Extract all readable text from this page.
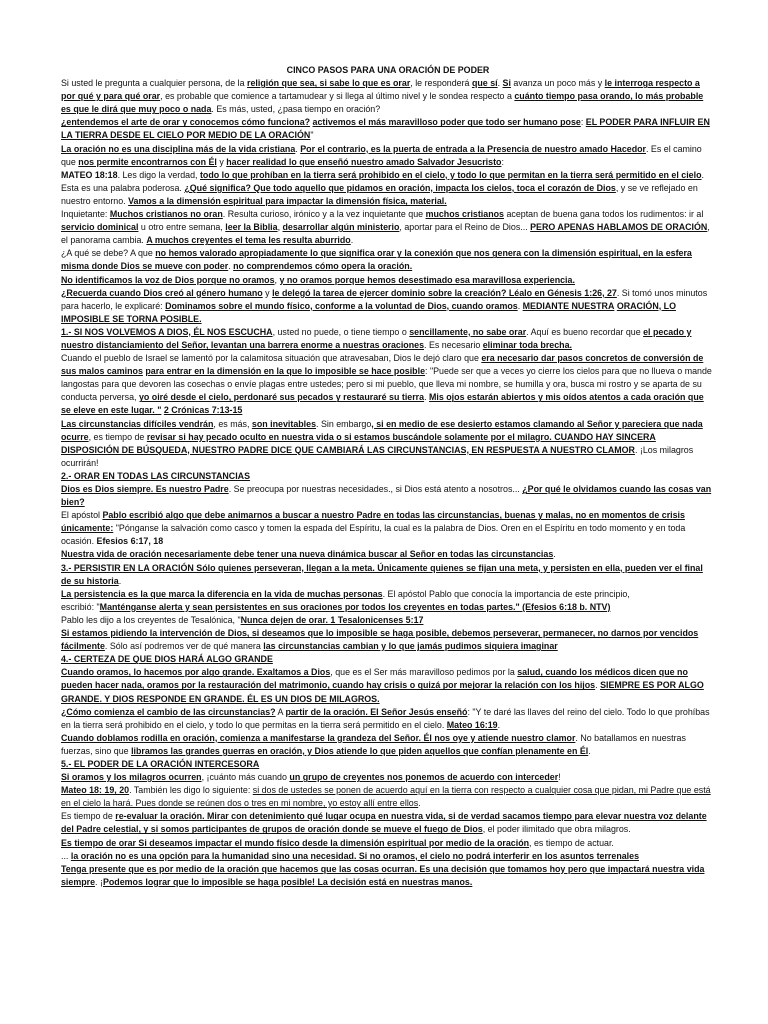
CINCO PASOS PARA UNA ORACIÓN DE PODER

Si usted le pregunta a cualquier persona, de la religión que sea, si sabe lo que es orar, le responderá que sí. Si avanza un poco más y le interroga respecto a por qué y para qué orar, es probable que comience a tartamudear y si llega al último nivel y le sondea respecto a cuánto tiempo pasa orando, lo más probable es que le dirá que muy poco o nada. Es más, usted, ¿pasa tiempo en oración?

¿entendemos el arte de orar y conocemos cómo funciona? activemos el más maravilloso poder que todo ser humano pose: EL PODER PARA INFLUIR EN LA TIERRA DESDE EL CIELO POR MEDIO DE LA ORACIÓN"

La oración no es una disciplina más de la vida cristiana. Por el contrario, es la puerta de entrada a la Presencia de nuestro amado Hacedor. Es el camino que nos permite encontrarnos con Él y hacer realidad lo que enseñó nuestro amado Salvador Jesucristo:

MATEO 18:18. Les digo la verdad, todo lo que prohíban en la tierra será prohibido en el cielo, y todo lo que permitan en la tierra será permitido en el cielo.

Esta es una palabra poderosa. ¿Qué significa? Que todo aquello que pidamos en oración, impacta los cielos, toca el corazón de Dios, y se ve reflejado en nuestro entorno. Vamos a la dimensión espiritual para impactar la dimensión física, material.

Inquietante: Muchos cristianos no oran. Resulta curioso, irónico y a la vez inquietante que muchos cristianos aceptan de buena gana todos los rudimentos: ir al servicio dominical u otro entre semana, leer la Biblia, desarrollar algún ministerio, aportar para el Reino de Dios... PERO APENAS HABLAMOS DE ORACIÓN, el panorama cambia. A muchos creyentes el tema les resulta aburrido.

¿A qué se debe? A que no hemos valorado apropiadamente lo que significa orar y la conexión que nos genera con la dimensión espiritual, en la esfera misma donde Dios se mueve con poder. no comprendemos cómo opera la oración.

No identificamos la voz de Dios porque no oramos, y no oramos porque hemos desestimado esa maravillosa experiencia.

¿Recuerda cuando Dios creó al género humano y le delegó la tarea de ejercer dominio sobre la creación? Léalo en Génesis 1:26, 27. Si tomó unos minutos para hacerlo, le explicaré: Dominamos sobre el mundo físico, conforme a la voluntad de Dios, cuando oramos. MEDIANTE NUESTRA ORACIÓN, LO IMPOSIBLE SE TORNA POSIBLE.

1.- SI NOS VOLVEMOS A DIOS, ÉL NOS ESCUCHA, usted no puede, o tiene tiempo o sencillamente, no sabe orar. Aquí es bueno recordar que el pecado y nuestro distanciamiento del Señor, levantan una barrera enorme a nuestras oraciones. Es necesario eliminar toda brecha.

Cuando el pueblo de Israel se lamentó por la calamitosa situación que atravesaban, Dios le dejó claro que era necesario dar pasos concretos de conversión de sus malos caminos para entrar en la dimensión en la que lo imposible se hace posible: "Puede ser que a veces yo cierre los cielos para que no llueva o mande langostas para que devoren las cosechas o envíe plagas entre ustedes; pero si mi pueblo, que lleva mi nombre, se humilla y ora, busca mi rostro y se aparta de su conducta perversa, yo oiré desde el cielo, perdonaré sus pecados y restauraré su tierra. Mis ojos estarán abiertos y mis oídos atentos a cada oración que se eleve en este lugar. " 2 Crónicas 7:13-15

Las circunstancias difíciles vendrán, es más, son inevitables. Sin embargo, si en medio de ese desierto estamos clamando al Señor y pareciera que nada ocurre, es tiempo de revisar si hay pecado oculto en nuestra vida o si estamos buscándole solamente por el milagro. CUANDO HAY SINCERA DISPOSICIÓN DE BÚSQUEDA, NUESTRO PADRE DICE QUE CAMBIARÁ LAS CIRCUNSTANCIAS, EN RESPUESTA A NUESTRO CLAMOR. ¡Los milagros ocurrirán!

2.- ORAR EN TODAS LAS CIRCUNSTANCIAS

Dios es Dios siempre. Es nuestro Padre. Se preocupa por nuestras necesidades., si Dios está atento a nosotros... ¿Por qué le olvidamos cuando las cosas van bien?

El apóstol Pablo escribió algo que debe animarnos a buscar a nuestro Padre en todas las circunstancias, buenas y malas, no en momentos de crisis únicamente: "Pónganse la salvación como casco y tomen la espada del Espíritu, la cual es la palabra de Dios. Oren en el Espíritu en todo momento y en toda ocasión. Efesios 6:17, 18

Nuestra vida de oración necesariamente debe tener una nueva dinámica buscar al Señor en todas las circunstancias.

3.- PERSISTIR EN LA ORACIÓN Sólo quienes perseveran, llegan a la meta. Únicamente quienes se fijan una meta, y persisten en ella, pueden ver el final de su historia.

La persistencia es la que marca la diferencia en la vida de muchas personas. El apóstol Pablo que conocía la importancia de este principio,

escribió: "Manténganse alerta y sean persistentes en sus oraciones por todos los creyentes en todas partes." (Efesios 6:18 b. NTV)

Pablo les dijo a los creyentes de Tesalónica, "Nunca dejen de orar. 1 Tesalonicenses 5:17

Si estamos pidiendo la intervención de Dios, si deseamos que lo imposible se haga posible, debemos perseverar, permanecer, no darnos por vencidos fácilmente. Sólo así podremos ver de qué manera las circunstancias cambian y lo que jamás pudimos siquiera imaginar

4.- CERTEZA DE QUE DIOS HARÁ ALGO GRANDE

Cuando oramos, lo hacemos por algo grande. Exaltamos a Dios, que es el Ser más maravilloso pedimos por la salud, cuando los médicos dicen que no pueden hacer nada, oramos por la restauración del matrimonio, cuando hay crisis o quizá por mejorar la relación con los hijos. SIEMPRE ES POR ALGO GRANDE. Y DIOS RESPONDE EN GRANDE. ÉL ES UN DIOS DE MILAGROS.

¿Cómo comienza el cambio de las circunstancias? A partir de la oración. El Señor Jesús enseñó: "Y te daré las llaves del reino del cielo. Todo lo que prohíbas en la tierra será prohibido en el cielo, y todo lo que permitas en la tierra será permitido en el cielo. Mateo 16:19.

Cuando doblamos rodilla en oración, comienza a manifestarse la grandeza del Señor. Él nos oye y atiende nuestro clamor. No batallamos en nuestras fuerzas, sino que libramos las grandes guerras en oración, y Dios atiende lo que piden aquellos que confían plenamente en Él.

5.- EL PODER DE LA ORACIÓN INTERCESORA

Si oramos y los milagros ocurren, ¡cuánto más cuando un grupo de creyentes nos ponemos de acuerdo con interceder!

Mateo 18: 19, 20. También les digo lo siguiente: si dos de ustedes se ponen de acuerdo aquí en la tierra con respecto a cualquier cosa que pidan, mi Padre que está en el cielo la hará. Pues donde se reúnen dos o tres en mi nombre, yo estoy allí entre ellos.

Es tiempo de re-evaluar la oración. Mirar con detenimiento qué lugar ocupa en nuestra vida, si de verdad sacamos tiempo para elevar nuestra voz delante del Padre celestial, y si somos participantes de grupos de oración donde se mueve el fuego de Dios, el poder ilimitado que obra milagros.

Es tiempo de orar Si deseamos impactar el mundo físico desde la dimensión espiritual por medio de la oración, es tiempo de actuar.

... la oración no es una opción para la humanidad sino una necesidad. Si no oramos, el cielo no podrá interferir en los asuntos terrenales

Tenga presente que es por medio de la oración que hacemos que las cosas ocurran. Es una decisión que tomamos hoy pero que impactará nuestra vida siempre. ¡Podemos lograr que lo imposible se haga posible! La decisión está en nuestras manos.
